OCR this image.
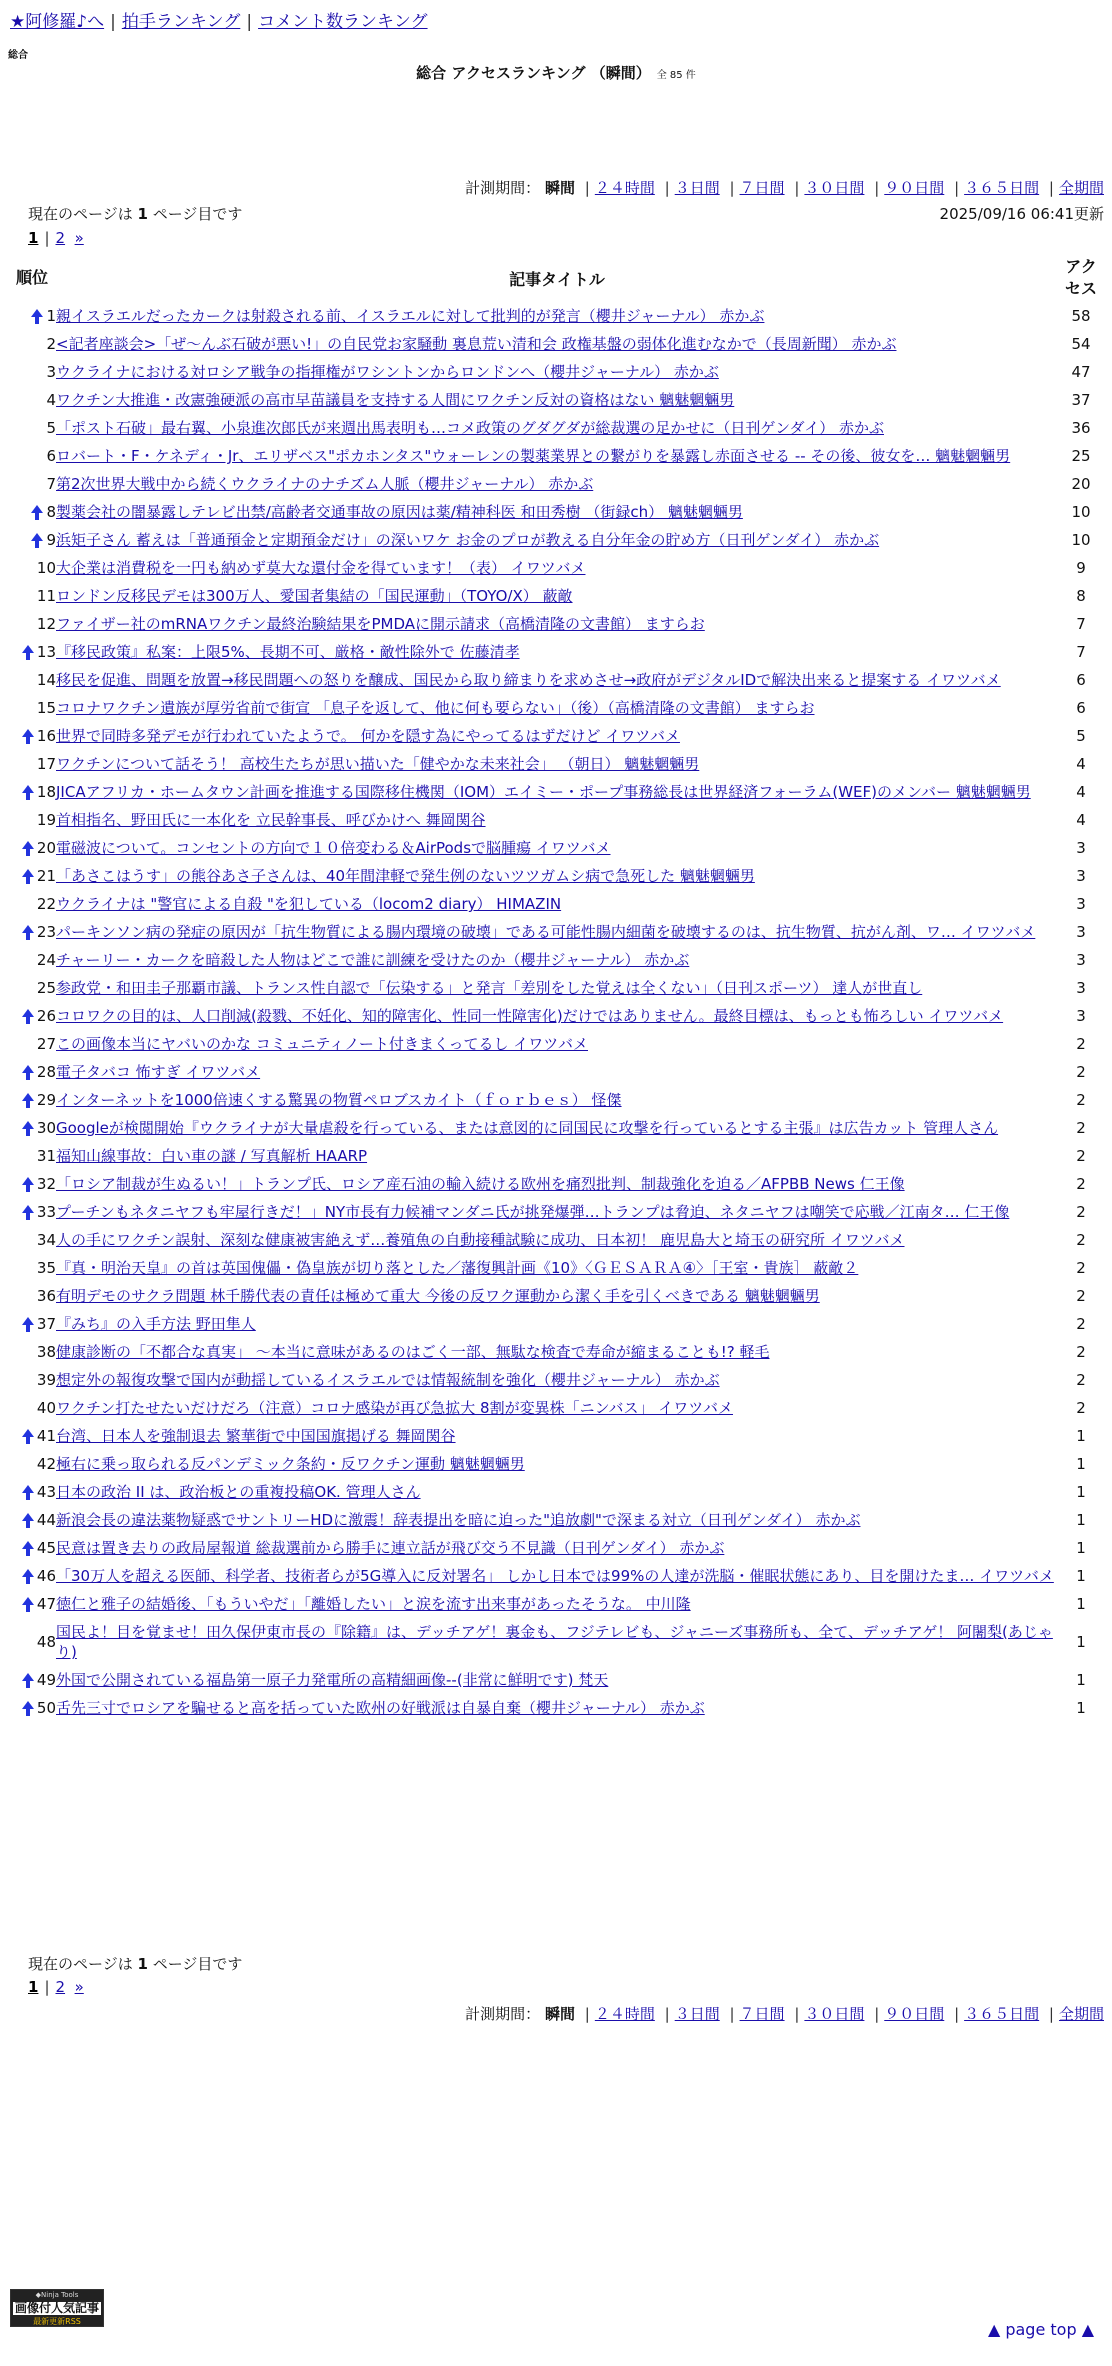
★阿修羅♪へ | 拍手ランキング | コメント数ランキング
総合
総合 アクセスランキング （瞬間） 全 85 件
計測期間： 瞬間 | ２４時間 | ３日間 | ７日間 | ３０日間 | ９０日間 | ３６５日間 | 全期間
現在のページは 1 ページ目です	2025/09/16 06:41更新
1 | 2 »
順位	記事タイトル	アクセス
1	親イスラエルだったカークは射殺される前、イスラエルに対して批判的が発言（櫻井ジャーナル） 赤かぶ	58
2	<記者座談会>「ぜ～んぶ石破が悪い!」の自民党お家騒動 裏息荒い清和会 政権基盤の弱体化進むなかで（長周新聞） 赤かぶ	54
3	ウクライナにおける対ロシア戦争の指揮権がワシントンからロンドンへ（櫻井ジャーナル） 赤かぶ	47
4	ワクチン大推進・改憲強硬派の高市早苗議員を支持する人間にワクチン反対の資格はない 魑魅魍魎男	37
5	「ポスト石破」最右翼、小泉進次郎氏が来週出馬表明も…コメ政策のグダグダが総裁選の足かせに（日刊ゲンダイ） 赤かぶ	36
6	ロバート・F・ケネディ・Jr、エリザベス"ポカホンタス"ウォーレンの製薬業界との繋がりを暴露し赤面させる -- その後、彼女を… 魑魅魍魎男	25
7	第2次世界大戦中から続くウクライナのナチズム人脈（櫻井ジャーナル） 赤かぶ	20
8	製薬会社の闇暴露しテレビ出禁/高齢者交通事故の原因は薬/精神科医 和田秀樹 （街録ch） 魑魅魍魎男	10
9	浜矩子さん 蓄えは「普通預金と定期預金だけ」の深いワケ お金のプロが教える自分年金の貯め方（日刊ゲンダイ） 赤かぶ	10
10	大企業は消費税を一円も納めず莫大な還付金を得ています！（表） イワツバメ	9
11	ロンドン反移民デモは300万人、愛国者集結の「国民運動」（TOYO/X） 蔽敵	8
12	ファイザー社のmRNAワクチン最終治験結果をPMDAに開示請求（高橋清隆の文書館） ますらお	7
13	『移民政策』私案：上限5%、長期不可、厳格・敵性除外で 佐藤清孝	7
14	移民を促進、問題を放置→移民問題への怒りを醸成、国民から取り締まりを求めさせ→政府がデジタルIDで解決出来ると提案する イワツバメ	6
15	コロナワクチン遺族が厚労省前で街宣 「息子を返して、他に何も要らない」（後）（高橋清隆の文書館） ますらお	6
16	世界で同時多発デモが行われていたようで。 何かを隠す為にやってるはずだけど イワツバメ	5
17	ワクチンについて話そう！ 高校生たちが思い描いた「健やかな未来社会」 （朝日） 魑魅魍魎男	4
18	JICAアフリカ・ホームタウン計画を推進する国際移住機関（IOM）エイミー・ポープ事務総長は世界経済フォーラム(WEF)のメンバー 魑魅魍魎男	4
19	首相指名、野田氏に一本化を 立民幹事長、呼びかけへ 舞岡関谷	4
20	電磁波について。コンセントの方向で１０倍変わる＆AirPodsで脳腫瘍 イワツバメ	3
21	「あさこはうす」の熊谷あさ子さんは、40年間津軽で発生例のないツツガムシ病で急死した 魑魅魍魎男	3
22	ウクライナは "警官による自殺 "を犯している（locom2 diary） HIMAZIN	3
23	パーキンソン病の発症の原因が「抗生物質による腸内環境の破壊」である可能性腸内細菌を破壊するのは、抗生物質、抗がん剤、ワ… イワツバメ	3
24	チャーリー・カークを暗殺した人物はどこで誰に訓練を受けたのか（櫻井ジャーナル） 赤かぶ	3
25	参政党・和田圭子那覇市議、トランス性自認で「伝染する」と発言「差別をした覚えは全くない」（日刊スポーツ） 達人が世直し	3
26	コロワクの目的は、人口削減(殺戮、不妊化、知的障害化、性同一性障害化)だけではありません。最終目標は、もっとも怖ろしい イワツバメ	3
27	この画像本当にヤバいのかな コミュニティノート付きまくってるし イワツバメ	2
28	電子タバコ 怖すぎ イワツバメ	2
29	インターネットを1000倍速くする驚異の物質ペロブスカイト（ｆｏｒｂｅｓ） 怪傑	2
30	Googleが検閲開始『ウクライナが大量虐殺を行っている、または意図的に同国民に攻撃を行っているとする主張』は広告カット 管理人さん	2
31	福知山線事故：白い車の謎 / 写真解析 HAARP	2
32	「ロシア制裁が生ぬるい！」トランプ氏、ロシア産石油の輸入続ける欧州を痛烈批判、制裁強化を迫る／AFPBB News 仁王像	2
33	プーチンもネタニヤフも牢屋行きだ！」NY市長有力候補マンダニ氏が挑発爆弾…トランプは脅迫、ネタニヤフは嘲笑で応戦／江南タ… 仁王像	2
34	人の手にワクチン誤射、深刻な健康被害絶えず…養殖魚の自動接種試験に成功、日本初！ 鹿児島大と埼玉の研究所 イワツバメ	2
35	『真・明治天皇』の首は英国傀儡・偽皇族が切り落とした／藩復興計画《10》〈ＧＥＳＡＲＡ④〉［王室・貴族］ 蔽敵２	2
36	有明デモのサクラ問題 林千勝代表の責任は極めて重大 今後の反ワク運動から潔く手を引くべきである 魑魅魍魎男	2
37	『みち』の入手方法 野田隼人	2
38	健康診断の「不都合な真実」 ～本当に意味があるのはごく一部、無駄な検査で寿命が縮まることも!? 軽毛	2
39	想定外の報復攻撃で国内が動揺しているイスラエルでは情報統制を強化（櫻井ジャーナル） 赤かぶ	2
40	ワクチン打たせたいだけだろ（注意）コロナ感染が再び急拡大 8割が変異株「ニンバス」 イワツバメ	2
41	台湾、日本人を強制退去 繁華街で中国国旗掲げる 舞岡関谷	1
42	極右に乗っ取られる反パンデミック条約・反ワクチン運動 魑魅魍魎男	1
43	日本の政治 II は、政治板との重複投稿OK. 管理人さん	1
44	新浪会長の違法薬物疑惑でサントリーHDに激震！辞表提出を暗に迫った"追放劇"で深まる対立（日刊ゲンダイ） 赤かぶ	1
45	民意は置き去りの政局屋報道 総裁選前から勝手に連立話が飛び交う不見識（日刊ゲンダイ） 赤かぶ	1
46	「30万人を超える医師、科学者、技術者らが5G導入に反対署名」 しかし日本では99%の人達が洗脳・催眠状態にあり、目を開けたま… イワツバメ	1
47	徳仁と雅子の結婚後、「もういやだ」「離婚したい」と涙を流す出来事があったそうな。 中川隆	1
48	国民よ！目を覚ませ！田久保伊東市長の『除籍』は、デッチアゲ！裏金も、フジテレビも、ジャニーズ事務所も、全て、デッチアゲ！ 阿闍梨(あじゃり)	1
49	外国で公開されている福島第一原子力発電所の高精細画像--(非常に鮮明です) 梵天	1
50	舌先三寸でロシアを騙せると高を括っていた欧州の好戦派は自暴自棄（櫻井ジャーナル） 赤かぶ	1
現在のページは 1 ページ目です
1 | 2 »
計測期間： 瞬間 | ２４時間 | ３日間 | ７日間 | ３０日間 | ９０日間 | ３６５日間 | 全期間
◆Ninja Tools
画像付人気記事
最新更新RSS	▲ page top ▲
